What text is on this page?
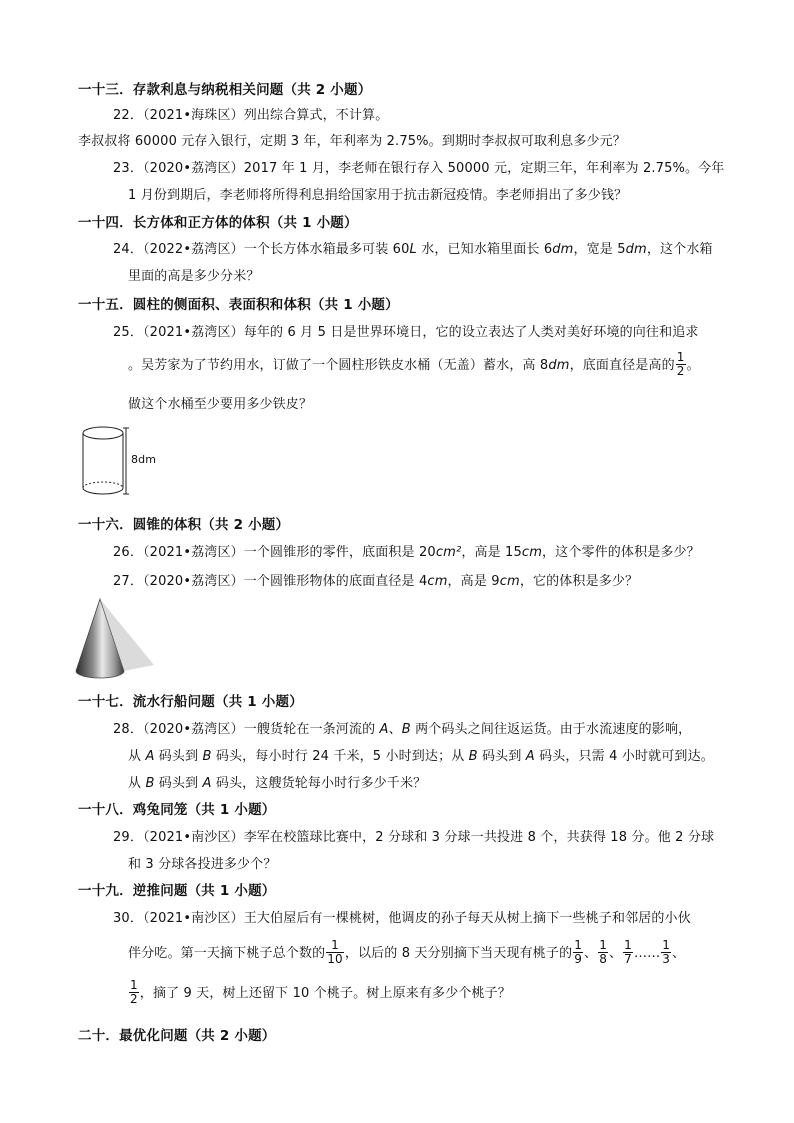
一十三．存款利息与纳税相关问题（共 2 小题）
22．（2021•海珠区）列出综合算式，不计算。
李叔叔将 60000 元存入银行，定期 3 年，年利率为 2.75%。到期时李叔叔可取利息多少元？
23．（2020•荔湾区）2017 年 1 月，李老师在银行存入 50000 元，定期三年，年利率为 2.75%。今年
1 月份到期后，李老师将所得利息捐给国家用于抗击新冠疫情。李老师捐出了多少钱？
一十四．长方体和正方体的体积（共 1 小题）
24．（2022•荔湾区）一个长方体水箱最多可装 60L 水，已知水箱里面长 6dm，宽是 5dm，这个水箱
里面的高是多少分米？
一十五．圆柱的侧面积、表面积和体积（共 1 小题）
25．（2021•荔湾区）每年的 6 月 5 日是世界环境日，它的设立表达了人类对美好环境的向往和追求
。吴芳家为了节约用水，订做了一个圆柱形铁皮水桶（无盖）蓄水，高 8dm，底面直径是高的 $\frac{1}{2}$ 。
做这个水桶至少要用多少铁皮？
8dm
一十六．圆锥的体积（共 2 小题）
26．（2021•荔湾区）一个圆锥形的零件，底面积是 20cm²，高是 15cm，这个零件的体积是多少？
27．（2020•荔湾区）一个圆锥形物体的底面直径是 4cm，高是 9cm，它的体积是多少？
一十七．流水行船问题（共 1 小题）
28．（2020•荔湾区）一艘货轮在一条河流的 A、B 两个码头之间往返运货。由于水流速度的影响，
从 A 码头到 B 码头，每小时行 24 千米，5 小时到达；从 B 码头到 A 码头，只需 4 小时就可到达。
从 B 码头到 A 码头，这艘货轮每小时行多少千米？
一十八．鸡兔同笼（共 1 小题）
29．（2021•南沙区）李军在校篮球比赛中，2 分球和 3 分球一共投进 8 个，共获得 18 分。他 2 分球
和 3 分球各投进多少个？
一十九．逆推问题（共 1 小题）
30．（2021•南沙区）王大伯屋后有一棵桃树，他调皮的孙子每天从树上摘下一些桃子和邻居的小伙
伴分吃。第一天摘下桃子总个数的 $\frac{1}{10}$ ，以后的 8 天分别摘下当天现有桃子的 $\frac{1}{9}$ 、 $\frac{1}{8}$ 、 $\frac{1}{7}$ …… $\frac{1}{3}$ 、
$\frac{1}{2}$ ，摘了 9 天，树上还留下 10 个桃子。树上原来有多少个桃子？
二十．最优化问题（共 2 小题）
